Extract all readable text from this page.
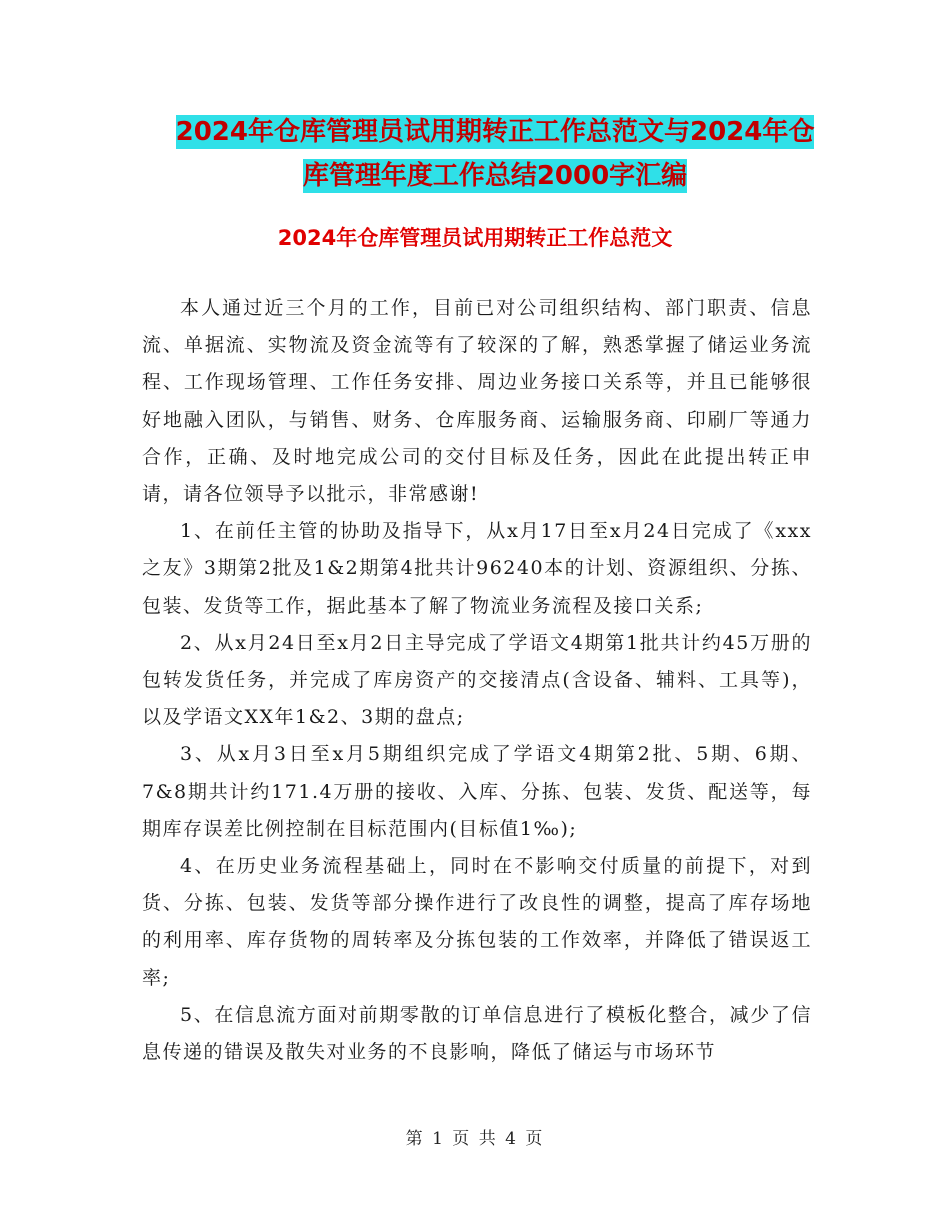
2024年仓库管理员试用期转正工作总范文与2024年仓
库管理年度工作总结2000字汇编
2024年仓库管理员试用期转正工作总范文

本人通过近三个月的工作，目前已对公司组织结构、部门职责、信息流、单据流、实物流及资金流等有了较深的了解，熟悉掌握了储运业务流程、工作现场管理、工作任务安排、周边业务接口关系等，并且已能够很好地融入团队，与销售、财务、仓库服务商、运输服务商、印刷厂等通力合作，正确、及时地完成公司的交付目标及任务，因此在此提出转正申请，请各位领导予以批示，非常感谢!

1、在前任主管的协助及指导下，从x月17日至x月24日完成了《xxx之友》3期第2批及1&2期第4批共计96240本的计划、资源组织、分拣、包装、发货等工作，据此基本了解了物流业务流程及接口关系;

2、从x月24日至x月2日主导完成了学语文4期第1批共计约45万册的包转发货任务，并完成了库房资产的交接清点(含设备、辅料、工具等)，以及学语文XX年1&2、3期的盘点;

3、从x月3日至x月5期组织完成了学语文4期第2批、5期、6期、7&8期共计约171.4万册的接收、入库、分拣、包装、发货、配送等，每期库存误差比例控制在目标范围内(目标值1‰);

4、在历史业务流程基础上，同时在不影响交付质量的前提下，对到货、分拣、包装、发货等部分操作进行了改良性的调整，提高了库存场地的利用率、库存货物的周转率及分拣包装的工作效率，并降低了错误返工率;

5、在信息流方面对前期零散的订单信息进行了模板化整合，减少了信息传递的错误及散失对业务的不良影响，降低了储运与市场环节

第 1 页 共 4 页
